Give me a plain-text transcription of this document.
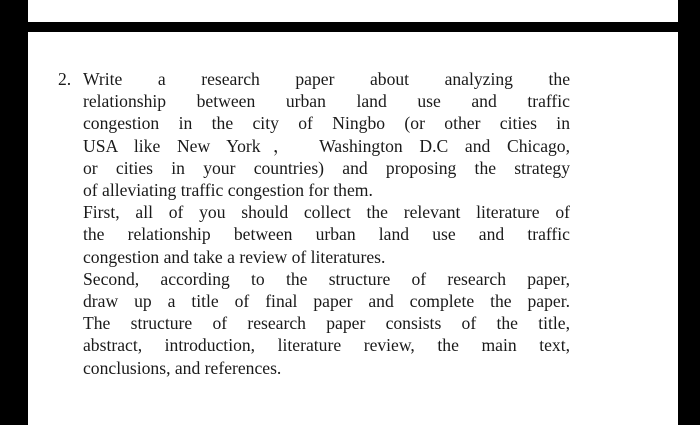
2. Write a research paper about analyzing the
relationship between urban land use and traffic
congestion in the city of Ningbo (or other cities in
USA like New York， Washington D.C and Chicago,
or cities in your countries) and proposing the strategy
of alleviating traffic congestion for them.
First, all of you should collect the relevant literature of
the relationship between urban land use and traffic
congestion and take a review of literatures.
Second, according to the structure of research paper,
draw up a title of final paper and complete the paper.
The structure of research paper consists of the title,
abstract, introduction, literature review, the main text,
conclusions, and references.
